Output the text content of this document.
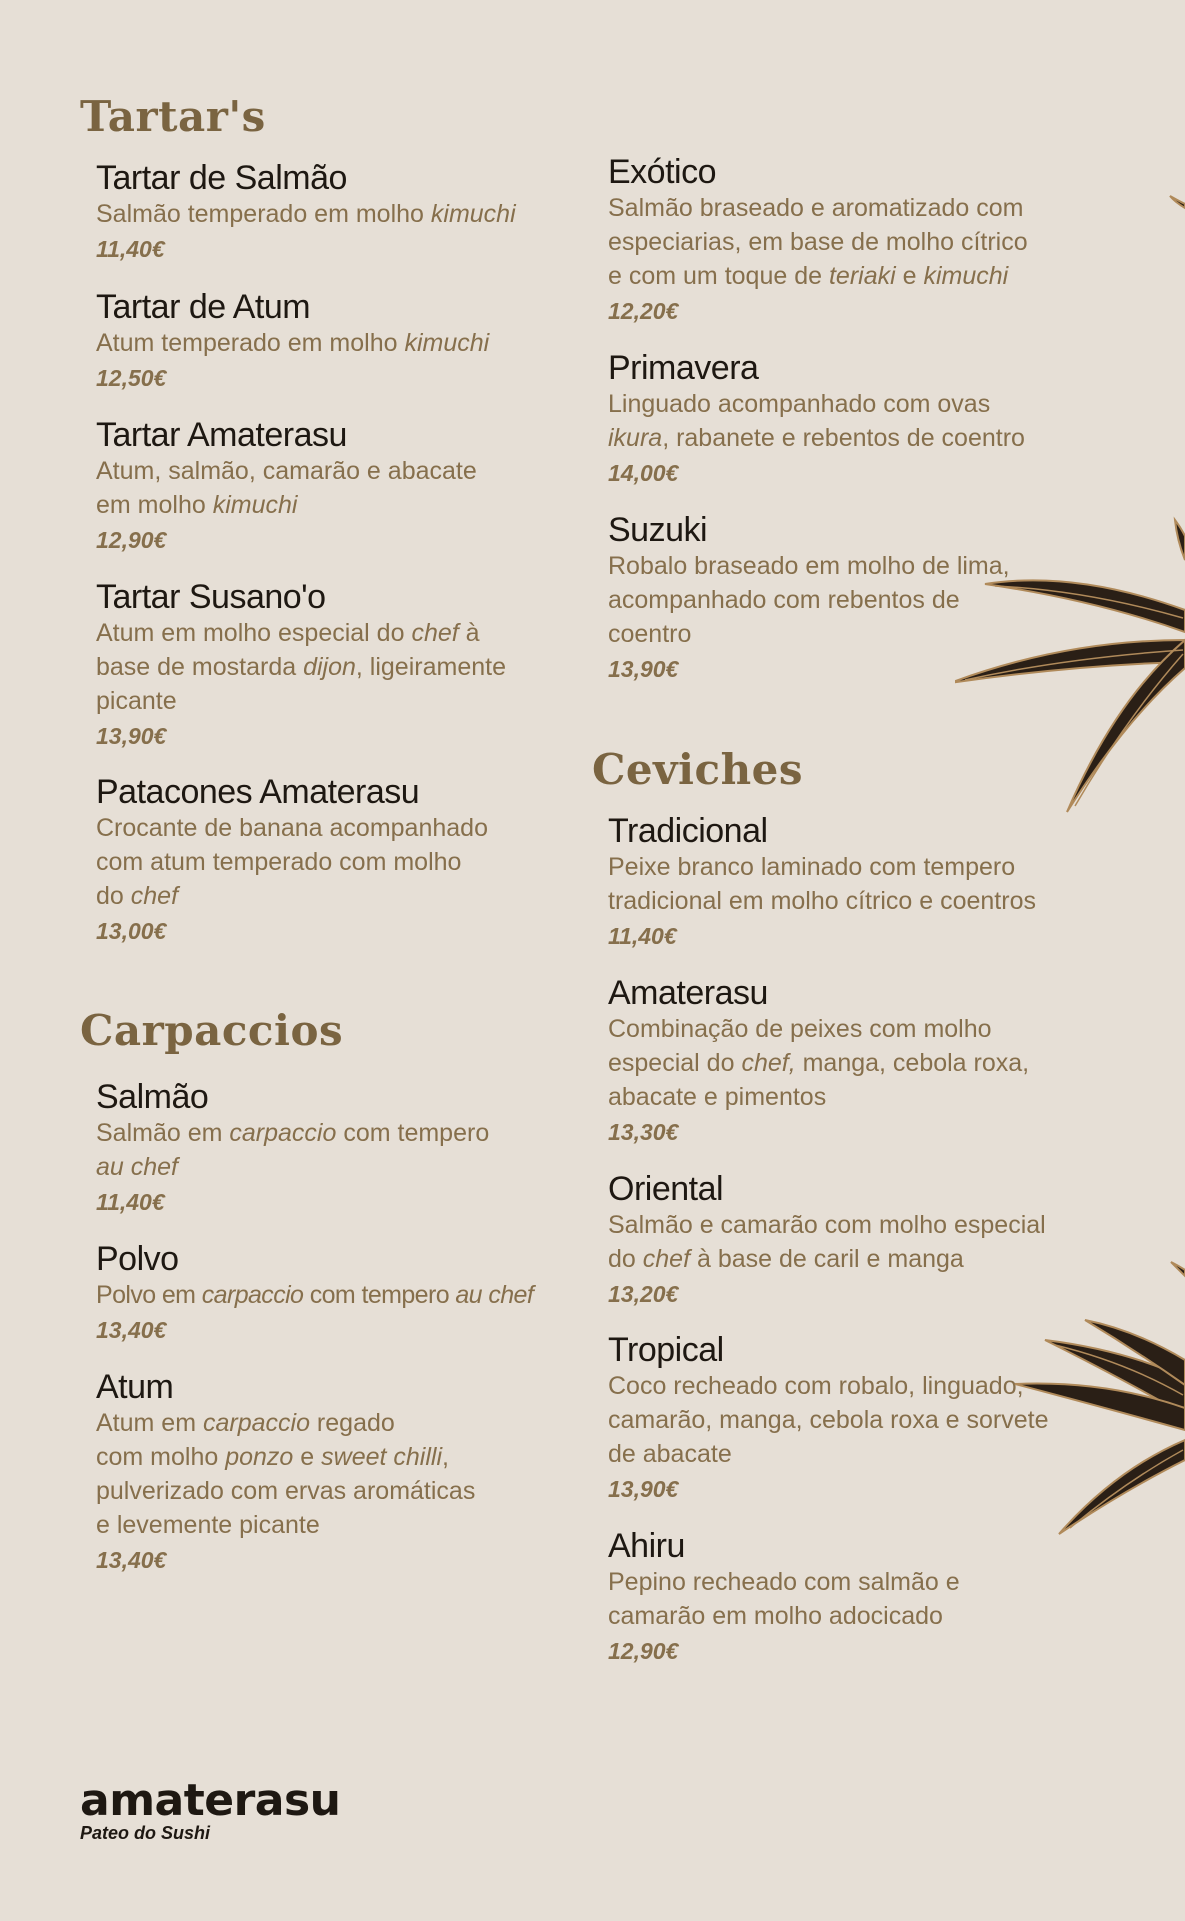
Tartar's
Tartar de Salmão
Salmão temperado em molho kimuchi
11,40€
Tartar de Atum
Atum temperado em molho kimuchi
12,50€
Tartar Amaterasu
Atum, salmão, camarão e abacate
em molho kimuchi
12,90€
Tartar Susano'o
Atum em molho especial do chef à
base de mostarda dijon, ligeiramente
picante
13,90€
Patacones Amaterasu
Crocante de banana acompanhado
com atum temperado com molho
do chef
13,00€
Carpaccios
Salmão
Salmão em carpaccio com tempero
au chef
11,40€
Polvo
Polvo em carpaccio com tempero au chef
13,40€
Atum
Atum em carpaccio regado
com molho ponzo e sweet chilli,
pulverizado com ervas aromáticas
e levemente picante
13,40€
Exótico
Salmão braseado e aromatizado com
especiarias, em base de molho cítrico
e com um toque de teriaki e kimuchi
12,20€
Primavera
Linguado acompanhado com ovas
ikura, rabanete e rebentos de coentro
14,00€
Suzuki
Robalo braseado em molho de lima,
acompanhado com rebentos de
coentro
13,90€
Ceviches
Tradicional
Peixe branco laminado com tempero
tradicional em molho cítrico e coentros
11,40€
Amaterasu
Combinação de peixes com molho
especial do chef, manga, cebola roxa,
abacate e pimentos
13,30€
Oriental
Salmão e camarão com molho especial
do chef à base de caril e manga
13,20€
Tropical
Coco recheado com robalo, linguado,
camarão, manga, cebola roxa e sorvete
de abacate
13,90€
Ahiru
Pepino recheado com salmão e
camarão em molho adocicado
12,90€
amaterasu
Pateo do Sushi
